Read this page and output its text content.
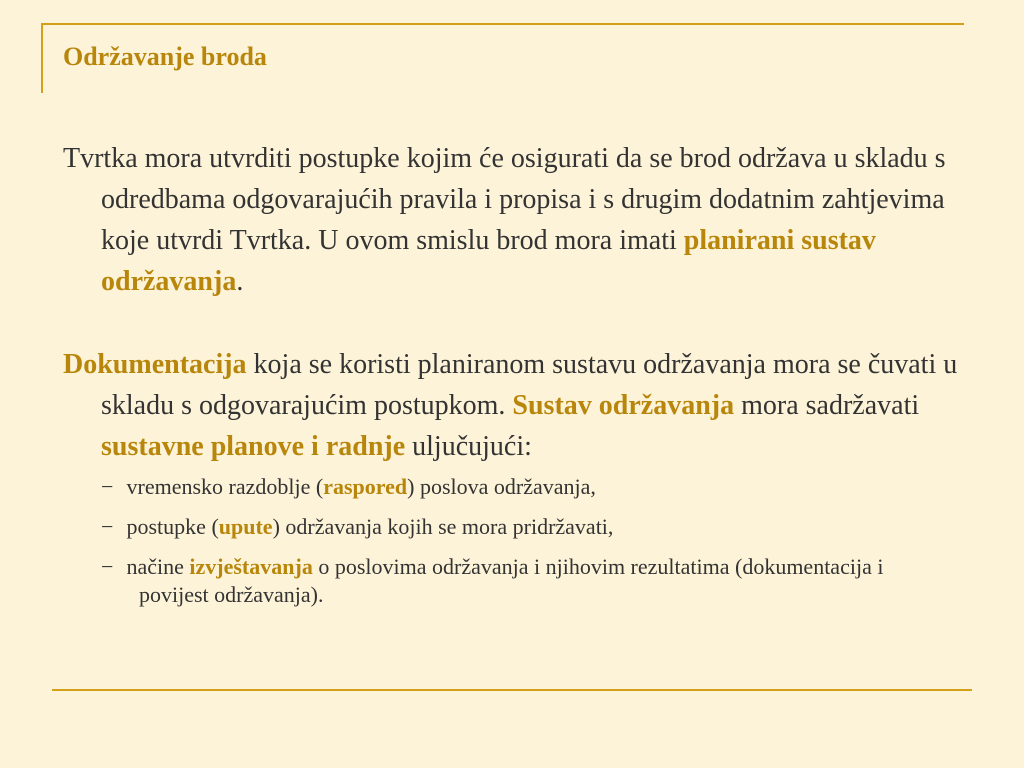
Održavanje broda

Tvrtka mora utvrditi postupke kojim će osigurati da se brod održava u skladu s odredbama odgovarajućih pravila i propisa i s drugim dodatnim zahtjevima koje utvrdi Tvrtka. U ovom smislu brod mora imati planirani sustav održavanja.

Dokumentacija koja se koristi planiranom sustavu održavanja mora se čuvati u skladu s odgovarajućim postupkom. Sustav održavanja mora sadržavati sustavne planove i radnje uljučujući:

− vremensko razdoblje (raspored) poslova održavanja,
− postupke (upute) održavanja kojih se mora pridržavati,
− načine izvještavanja o poslovima održavanja i njihovim rezultatima (dokumentacija i povijest održavanja).
